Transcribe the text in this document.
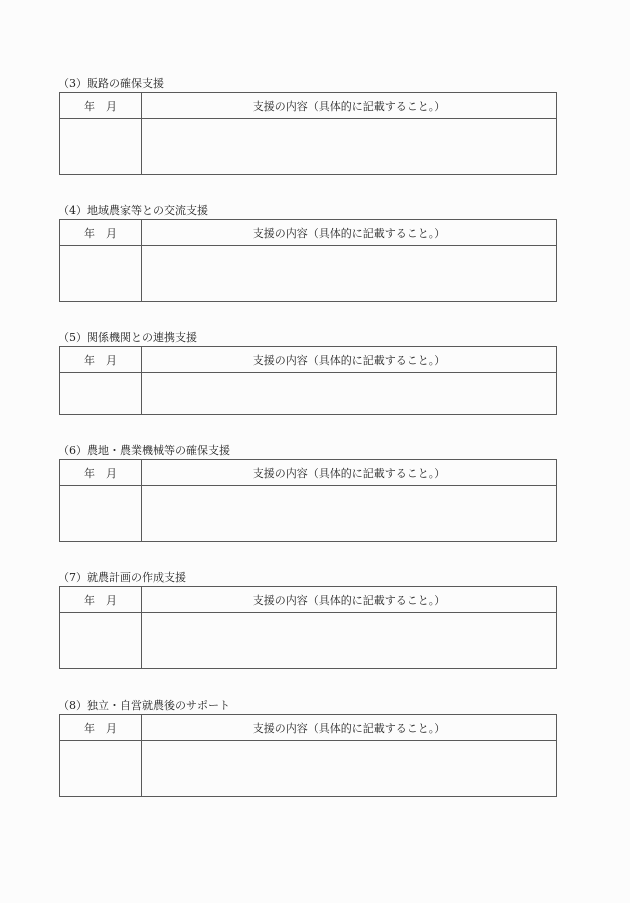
（3）販路の確保支援
年　月	支援の内容（具体的に記載すること。）

（4）地域農家等との交流支援
年　月	支援の内容（具体的に記載すること。）

（5）関係機関との連携支援
年　月	支援の内容（具体的に記載すること。）

（6）農地・農業機械等の確保支援
年　月	支援の内容（具体的に記載すること。）

（7）就農計画の作成支援
年　月	支援の内容（具体的に記載すること。）

（8）独立・自営就農後のサポート
年　月	支援の内容（具体的に記載すること。）
